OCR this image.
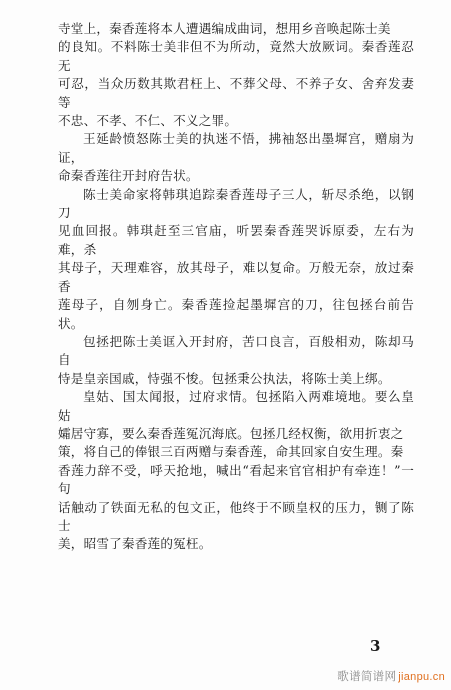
寺堂上，秦香莲将本人遭遇编成曲词，想用乡音唤起陈士美
的良知。不料陈士美非但不为所动，竟然大放厥词。秦香莲忍无
可忍，当众历数其欺君枉上、不葬父母、不养子女、舍弃发妻等
不忠、不孝、不仁、不义之罪。

王延龄愤怒陈士美的执迷不悟，拂袖怒出墨墀宫，赠扇为证，
命秦香莲往开封府告状。

陈士美命家将韩琪追踪秦香莲母子三人，斩尽杀绝，以钢刀
见血回报。韩琪赶至三官庙，听罢秦香莲哭诉原委，左右为难，杀
其母子，天理难容，放其母子，难以复命。万般无奈，放过秦香
莲母子，自刎身亡。秦香莲捡起墨墀宫的刀，往包拯台前告状。

包拯把陈士美诓入开封府，苦口良言，百般相劝，陈却马自
恃是皇亲国戚，恃强不悛。包拯秉公执法，将陈士美上绑。

皇姑、国太闻报，过府求情。包拯陷入两难境地。要么皇姑
孀居守寡，要么秦香莲冤沉海底。包拯几经权衡，欲用折衷之
策，将自己的俸银三百两赠与秦香莲，命其回家自安生理。秦
香莲力辞不受，呼天抢地，喊出“看起来官官相护有牵连！”一句
话触动了铁面无私的包文正，他终于不顾皇权的压力，铡了陈士
美，昭雪了秦香莲的冤枉。

3
歌谱简谱网 jianpu.cn
